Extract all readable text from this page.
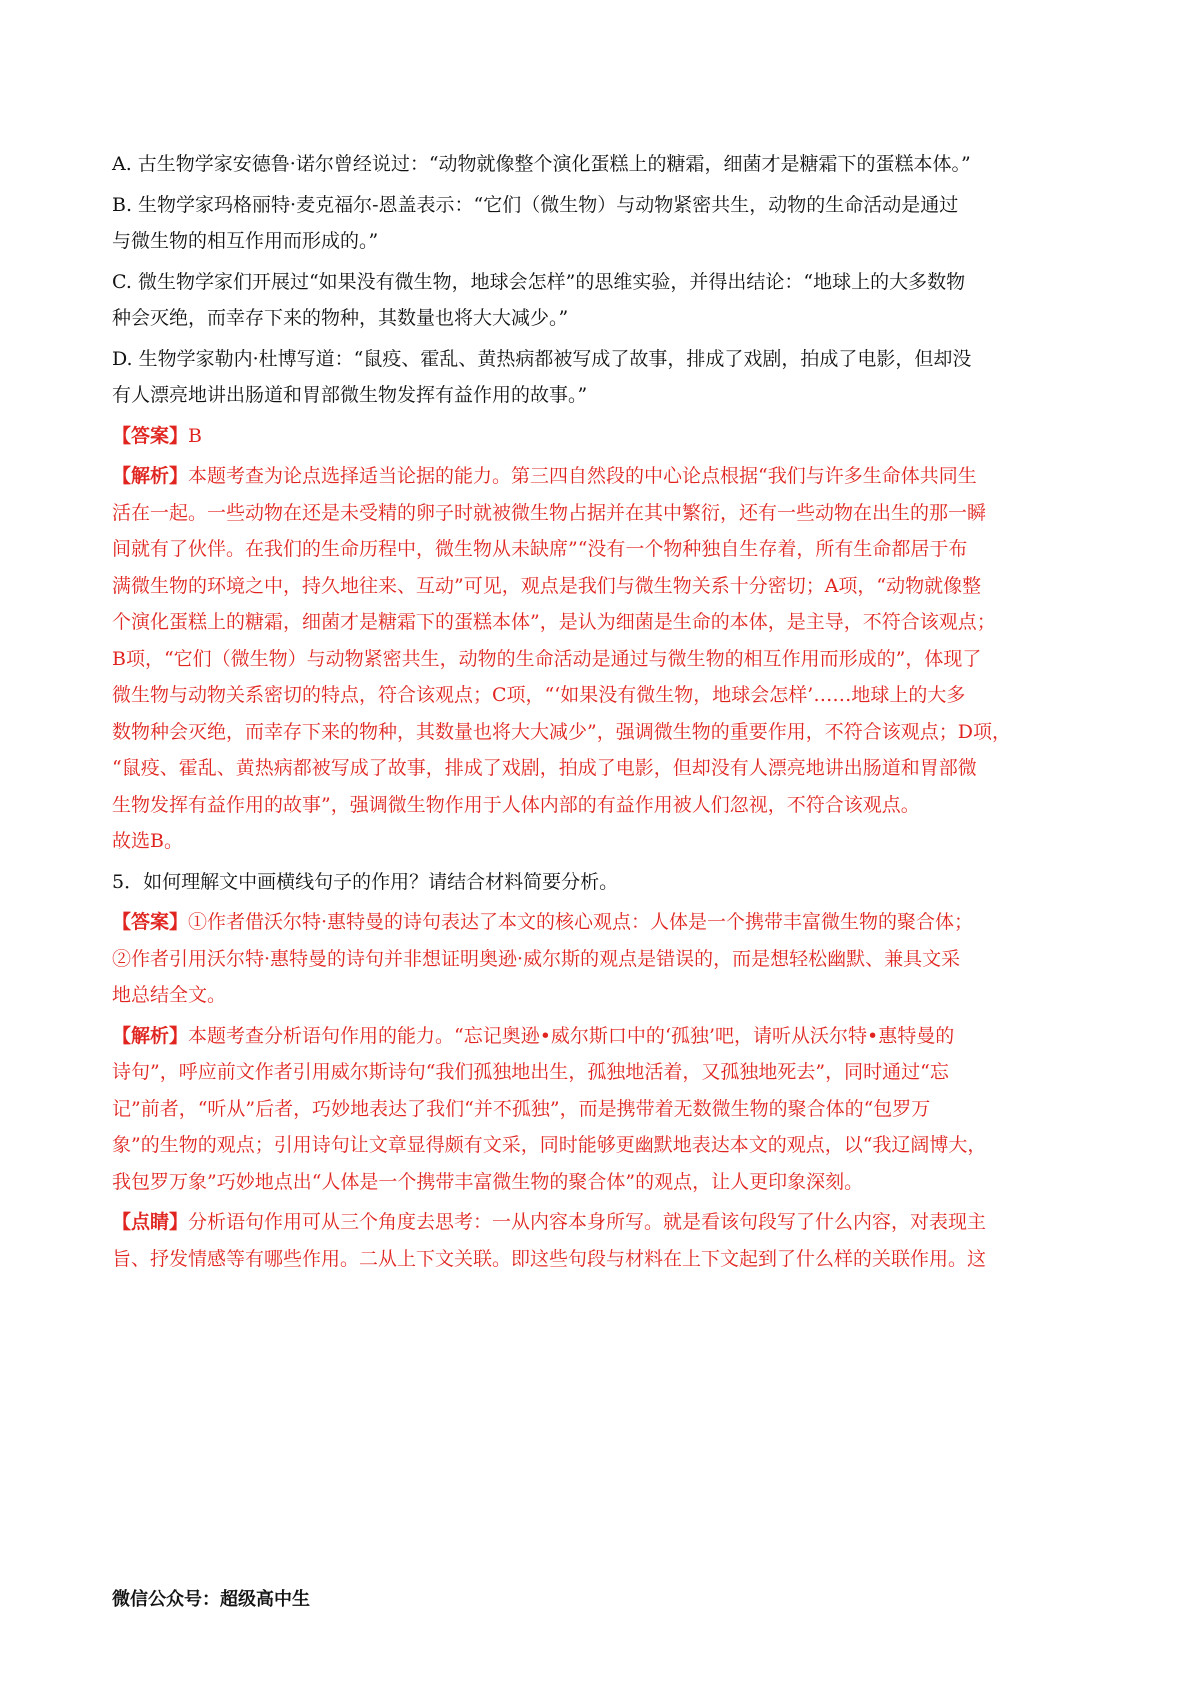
A. 古生物学家安德鲁·诺尔曾经说过：“动物就像整个演化蛋糕上的糖霜，细菌才是糖霜下的蛋糕本体。”

B. 生物学家玛格丽特·麦克福尔-恩盖表示：“它们（微生物）与动物紧密共生，动物的生命活动是通过

与微生物的相互作用而形成的。”

C. 微生物学家们开展过“如果没有微生物，地球会怎样”的思维实验，并得出结论：“地球上的大多数物

种会灭绝，而幸存下来的物种，其数量也将大大减少。”

D. 生物学家勒内·杜博写道：“鼠疫、霍乱、黄热病都被写成了故事，排成了戏剧，拍成了电影，但却没

有人漂亮地讲出肠道和胃部微生物发挥有益作用的故事。”

【答案】B

【解析】本题考查为论点选择适当论据的能力。第三四自然段的中心论点根据“我们与许多生命体共同生

活在一起。一些动物在还是未受精的卵子时就被微生物占据并在其中繁衍，还有一些动物在出生的那一瞬

间就有了伙伴。在我们的生命历程中，微生物从未缺席”“没有一个物种独自生存着，所有生命都居于布

满微生物的环境之中，持久地往来、互动”可见，观点是我们与微生物关系十分密切；A项，“动物就像整

个演化蛋糕上的糖霜，细菌才是糖霜下的蛋糕本体”，是认为细菌是生命的本体，是主导，不符合该观点；

B项，“它们（微生物）与动物紧密共生，动物的生命活动是通过与微生物的相互作用而形成的”，体现了

微生物与动物关系密切的特点，符合该观点；C项，“‘如果没有微生物，地球会怎样’……地球上的大多

数物种会灭绝，而幸存下来的物种，其数量也将大大减少”，强调微生物的重要作用，不符合该观点；D项，

“鼠疫、霍乱、黄热病都被写成了故事，排成了戏剧，拍成了电影，但却没有人漂亮地讲出肠道和胃部微

生物发挥有益作用的故事”，强调微生物作用于人体内部的有益作用被人们忽视，不符合该观点。

故选B。

5．如何理解文中画横线句子的作用？请结合材料简要分析。

【答案】①作者借沃尔特·惠特曼的诗句表达了本文的核心观点：人体是一个携带丰富微生物的聚合体；

②作者引用沃尔特·惠特曼的诗句并非想证明奥逊·威尔斯的观点是错误的，而是想轻松幽默、兼具文采

地总结全文。

【解析】本题考查分析语句作用的能力。“忘记奥逊•威尔斯口中的‘孤独’吧，请听从沃尔特•惠特曼的

诗句”，呼应前文作者引用威尔斯诗句“我们孤独地出生，孤独地活着，又孤独地死去”，同时通过“忘

记”前者，“听从”后者，巧妙地表达了我们“并不孤独”，而是携带着无数微生物的聚合体的“包罗万

象”的生物的观点；引用诗句让文章显得颇有文采，同时能够更幽默地表达本文的观点，以“我辽阔博大，

我包罗万象”巧妙地点出“人体是一个携带丰富微生物的聚合体”的观点，让人更印象深刻。

【点睛】分析语句作用可从三个角度去思考：一从内容本身所写。就是看该句段写了什么内容，对表现主

旨、抒发情感等有哪些作用。二从上下文关联。即这些句段与材料在上下文起到了什么样的关联作用。这

微信公众号：超级高中生
